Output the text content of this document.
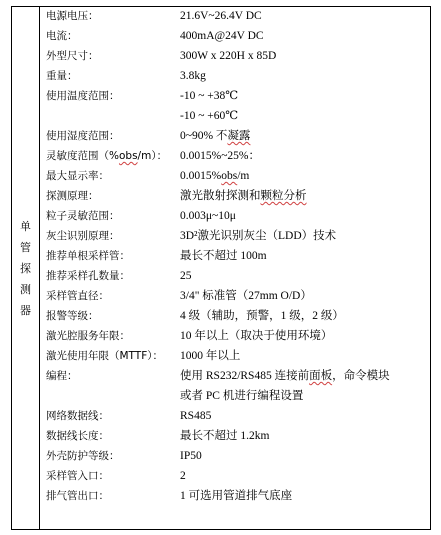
单
管
探
测
器

电源电压：	21.6V~26.4V DC
电流：	400mA@24V DC
外型尺寸：	300W x 220H x 85D
重量：	3.8kg
使用温度范围：	-10 ~ +38℃
-10 ~ +60℃
使用湿度范围：	0~90% 不凝露
灵敏度范围（%obs/m）： 0.0015%~25%：
最大显示率：	0.0015%obs/m
探测原理：	激光散射探测和颗粒分析
粒子灵敏范围：	0.003μ~10μ
灰尘识别原理：	3D²激光识别灰尘（LDD）技术
推荐单根采样管：	最长不超过 100m
推荐采样孔数量：	25
采样管直径：	3/4" 标准管（27mm O/D）
报警等级：	4 级（辅助，预警，1 级，2 级）
激光腔服务年限：	10 年以上（取决于使用环境）
激光使用年限（MTTF）： 1000 年以上
编程：	使用 RS232/RS485 连接前面板，命令模块
或者 PC 机进行编程设置
网络数据线：	RS485
数据线长度：	最长不超过 1.2km
外壳防护等级：	IP50
采样管入口：	2
排气管出口：	1 可选用管道排气底座
